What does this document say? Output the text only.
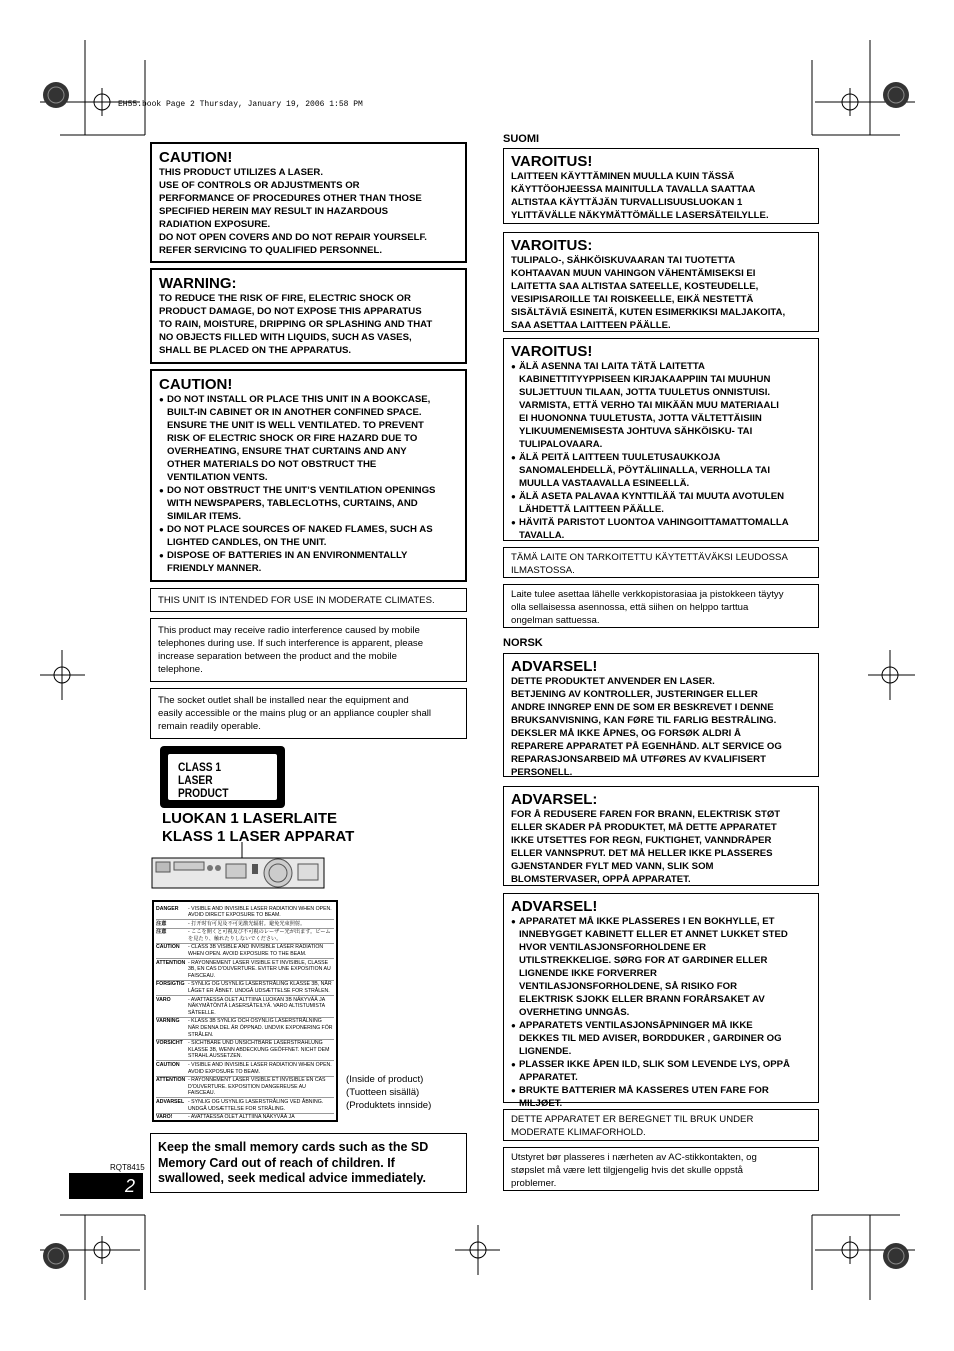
EH55.book Page 2 Thursday, January 19, 2006 1:58 PM

CAUTION!

THIS PRODUCT UTILIZES A LASER.

USE OF CONTROLS OR ADJUSTMENTS OR

PERFORMANCE OF PROCEDURES OTHER THAN THOSE

SPECIFIED HEREIN MAY RESULT IN HAZARDOUS

RADIATION EXPOSURE.

DO NOT OPEN COVERS AND DO NOT REPAIR YOURSELF.

REFER SERVICING TO QUALIFIED PERSONNEL.

WARNING:

TO REDUCE THE RISK OF FIRE, ELECTRIC SHOCK OR

PRODUCT DAMAGE, DO NOT EXPOSE THIS APPARATUS

TO RAIN, MOISTURE, DRIPPING OR SPLASHING AND THAT

NO OBJECTS FILLED WITH LIQUIDS, SUCH AS VASES,

SHALL BE PLACED ON THE APPARATUS.

CAUTION!

● DO NOT INSTALL OR PLACE THIS UNIT IN A BOOKCASE,
BUILT-IN CABINET OR IN ANOTHER CONFINED SPACE.
ENSURE THE UNIT IS WELL VENTILATED. TO PREVENT
RISK OF ELECTRIC SHOCK OR FIRE HAZARD DUE TO
OVERHEATING, ENSURE THAT CURTAINS AND ANY
OTHER MATERIALS DO NOT OBSTRUCT THE
VENTILATION VENTS.
● DO NOT OBSTRUCT THE UNIT’S VENTILATION OPENINGS
WITH NEWSPAPERS, TABLECLOTHS, CURTAINS, AND
SIMILAR ITEMS.
● DO NOT PLACE SOURCES OF NAKED FLAMES, SUCH AS
LIGHTED CANDLES, ON THE UNIT.
● DISPOSE OF BATTERIES IN AN ENVIRONMENTALLY
FRIENDLY MANNER.

THIS UNIT IS INTENDED FOR USE IN MODERATE CLIMATES.

This product may receive radio interference caused by mobile

telephones during use. If such interference is apparent, please

increase separation between the product and the mobile

telephone.

The socket outlet shall be installed near the equipment and

easily accessible or the mains plug or an appliance coupler shall

remain readily operable.

CLASS 1
LASER PRODUCT
LUOKAN 1 LASERLAITE
KLASS 1 LASER APPARAT
DANGER	- VISIBLE AND INVISIBLE LASER RADIATION WHEN OPEN. AVOID DIRECT EXPOSURE TO BEAM.
注意	- 打开时有可见及不可见激光辐射。避免光束照射。
注意	- ここを開くと可視及び不可視のレーザー光が出ます。ビームを見たり、触れたりしないでください。
CAUTION	- CLASS 3B VISIBLE AND INVISIBLE LASER RADIATION WHEN OPEN. AVOID EXPOSURE TO THE BEAM.
ATTENTION - RAYONNEMENT LASER VISIBLE ET INVISIBLE, CLASSE 3B, EN CAS D'OUVERTURE. EVITER UNE EXPOSITION AU FAISCEAU.
FORSIGTIG - SYNLIG OG USYNLIG LASERSTRÅLING KLASSE 3B, NÅR LÅGET ER ÅBNET. UNDGÅ UDSÆTTELSE FOR STRÅLEN.
VARO	- AVATTAESSA OLET ALTTIINA LUOKAN 3B NÄKYVÄÄ JA NÄKYMÄTÖNTÄ LASERSÄTEILYÄ. VARO ALTISTUMISTA SÄTEELLE.
VARNING	- KLASS 3B SYNLIG OCH OSYNLIG LASERSTRÅLNING NÄR DENNA DEL ÄR ÖPPNAD. UNDVIK EXPONERING FÖR STRÅLEN.
VORSICHT - SICHTBARE UND UNSICHTBARE LASERSTRAHLUNG KLASSE 3B, WENN ABDECKUNG GEÖFFNET. NICHT DEM STRAHL AUSSETZEN.
CAUTION	- VISIBLE AND INVISIBLE LASER RADIATION WHEN OPEN. AVOID EXPOSURE TO BEAM.
ATTENTION - RAYONNEMENT LASER VISIBLE ET INVISIBLE EN CAS D'OUVERTURE. EXPOSITION DANGEREUSE AU FAISCEAU.
ADVARSEL - SYNLIG OG USYNLIG LASERSTRÅLING VED ÅBNING. UNDGÅ UDSÆTTELSE FOR STRÅLING.
VARO!	- AVATTAESSA OLET ALTTIINA NÄKYVÄÄ JA

(Inside of product)

(Tuotteen sisällä)

(Produktets innside)

Keep the small memory cards such as the SD

Memory Card out of reach of children. If

swallowed, seek medical advice immediately.

RQT8415
2
SUOMI

VAROITUS!

LAITTEEN KÄYTTÄMINEN MUULLA KUIN TÄSSÄ

KÄYTTÖOHJEESSA MAINITULLA TAVALLA SAATTAA

ALTISTAA KÄYTTÄJÄN TURVALLISUUSLUOKAN 1

YLITTÄVÄLLE NÄKYMÄTTÖMÄLLE LASERSÄTEILYLLE.

VAROITUS:

TULIPALO-, SÄHKÖISKUVAARAN TAI TUOTETTA

KOHTAAVAN MUUN VAHINGON VÄHENTÄMISEKSI EI

LAITETTA SAA ALTISTAA SATEELLE, KOSTEUDELLE,

VESIPISAROILLE TAI ROISKEELLE, EIKÄ NESTETTÄ

SISÄLTÄVIÄ ESINEITÄ, KUTEN ESIMERKIKSI MALJAKOITA,

SAA ASETTAA LAITTEEN PÄÄLLE.

VAROITUS!

● ÄLÄ ASENNA TAI LAITA TÄTÄ LAITETTA
KABINETTITYYPPISEEN KIRJAKAAPPIIN TAI MUUHUN
SULJETTUUN TILAAN, JOTTA TUULETUS ONNISTUISI.
VARMISTA, ETTÄ VERHO TAI MIKÄÄN MUU MATERIAALI
EI HUONONNA TUULETUSTA, JOTTA VÄLTETTÄISIIN
YLIKUUMENEMISESTA JOHTUVA SÄHKÖISKU- TAI
TULIPALOVAARA.
● ÄLÄ PEITÄ LAITTEEN TUULETUSAUKKOJA
SANOMALEHDELLÄ, PÖYTÄLIINALLA, VERHOLLA TAI
MUULLA VASTAAVALLA ESINEELLÄ.
● ÄLÄ ASETA PALAVAA KYNTTILÄÄ TAI MUUTA AVOTULEN
LÄHDETTÄ LAITTEEN PÄÄLLE.
● HÄVITÄ PARISTOT LUONTOA VAHINGOITTAMATTOMALLA
TAVALLA.

TÄMÄ LAITE ON TARKOITETTU KÄYTETTÄVÄKSI LEUDOSSA

ILMASTOSSA.

Laite tulee asettaa lähelle verkkopistorasiaa ja pistokkeen täytyy

olla sellaisessa asennossa, että siihen on helppo tarttua

ongelman sattuessa.

NORSK

ADVARSEL!

DETTE PRODUKTET ANVENDER EN LASER.

BETJENING AV KONTROLLER, JUSTERINGER ELLER

ANDRE INNGREP ENN DE SOM ER BESKREVET I DENNE

BRUKSANVISNING, KAN FØRE TIL FARLIG BESTRÅLING.

DEKSLER MÅ IKKE ÅPNES, OG FORSØK ALDRI Å

REPARERE APPARATET PÅ EGENHÅND. ALT SERVICE OG

REPARASJONSARBEID MÅ UTFØRES AV KVALIFISERT

PERSONELL.

ADVARSEL:

FOR Å REDUSERE FAREN FOR BRANN, ELEKTRISK STØT

ELLER SKADER PÅ PRODUKTET, MÅ DETTE APPARATET

IKKE UTSETTES FOR REGN, FUKTIGHET, VANNDRÅPER

ELLER VANNSPRUT. DET MÅ HELLER IKKE PLASSERES

GJENSTANDER FYLT MED VANN, SLIK SOM

BLOMSTERVASER, OPPÅ APPARATET.

ADVARSEL!

● APPARATET MÅ IKKE PLASSERES I EN BOKHYLLE, ET
INNEBYGGET KABINETT ELLER ET ANNET LUKKET STED
HVOR VENTILASJONSFORHOLDENE ER
UTILSTREKKELIGE. SØRG FOR AT GARDINER ELLER
LIGNENDE IKKE FORVERRER
VENTILASJONSFORHOLDENE, SÅ RISIKO FOR
ELEKTRISK SJOKK ELLER BRANN FORÅRSAKET AV
OVERHETING UNNGÅS.
● APPARATETS VENTILASJONSÅPNINGER MÅ IKKE
DEKKES TIL MED AVISER, BORDDUKER , GARDINER OG
LIGNENDE.
● PLASSER IKKE ÅPEN ILD, SLIK SOM LEVENDE LYS, OPPÅ
APPARATET.
● BRUKTE BATTERIER MÅ KASSERES UTEN FARE FOR
MILJØET.

DETTE APPARATET ER BEREGNET TIL BRUK UNDER

MODERATE KLIMAFORHOLD.

Utstyret bør plasseres i nærheten av AC-stikkontakten, og

støpslet må være lett tilgjengelig hvis det skulle oppstå

problemer.
